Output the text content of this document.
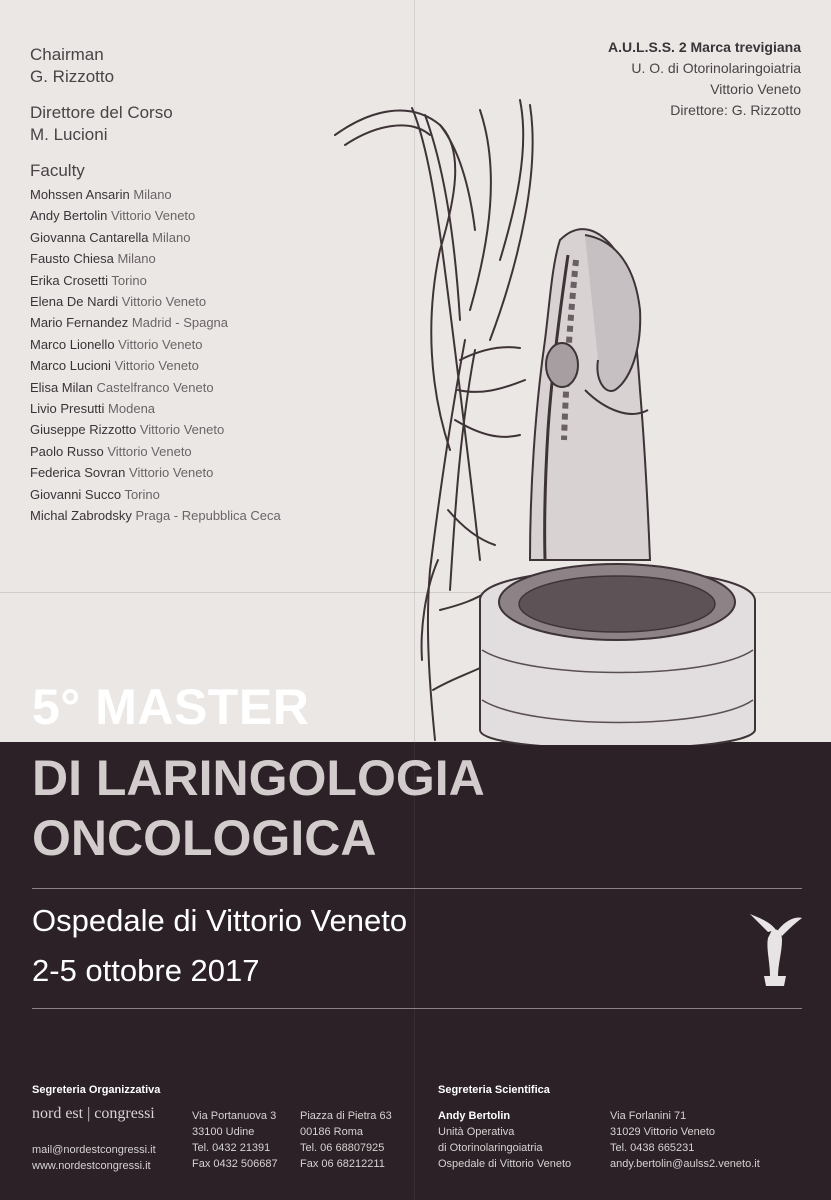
Chairman
G. Rizzotto
Direttore del Corso
M. Lucioni
Faculty
Mohssen Ansarin Milano
Andy Bertolin Vittorio Veneto
Giovanna Cantarella Milano
Fausto Chiesa Milano
Erika Crosetti Torino
Elena De Nardi Vittorio Veneto
Mario Fernandez Madrid - Spagna
Marco Lionello Vittorio Veneto
Marco Lucioni Vittorio Veneto
Elisa Milan Castelfranco Veneto
Livio Presutti Modena
Giuseppe Rizzotto Vittorio Veneto
Paolo Russo Vittorio Veneto
Federica Sovran Vittorio Veneto
Giovanni Succo Torino
Michal Zabrodsky Praga - Repubblica Ceca
A.U.L.S.S. 2 Marca trevigiana
U. O. di Otorinolaringoiatria
Vittorio Veneto
Direttore: G. Rizzotto
5° MASTER
DI LARINGOLOGIA
ONCOLOGICA
Ospedale di Vittorio Veneto
2-5 ottobre 2017
Segreteria Organizzativa
nord est | congressi
mail@nordestcongressi.it
www.nordestcongressi.it
Via Portanuova 3
33100 Udine
Tel. 0432 21391
Fax 0432 506687
Piazza di Pietra 63
00186 Roma
Tel. 06 68807925
Fax 06 68212211
Segreteria Scientifica
Andy Bertolin
Unità Operativa
di Otorinolaringoiatria
Ospedale di Vittorio Veneto
Via Forlanini 71
31029 Vittorio Veneto
Tel. 0438 665231
andy.bertolin@aulss2.veneto.it
